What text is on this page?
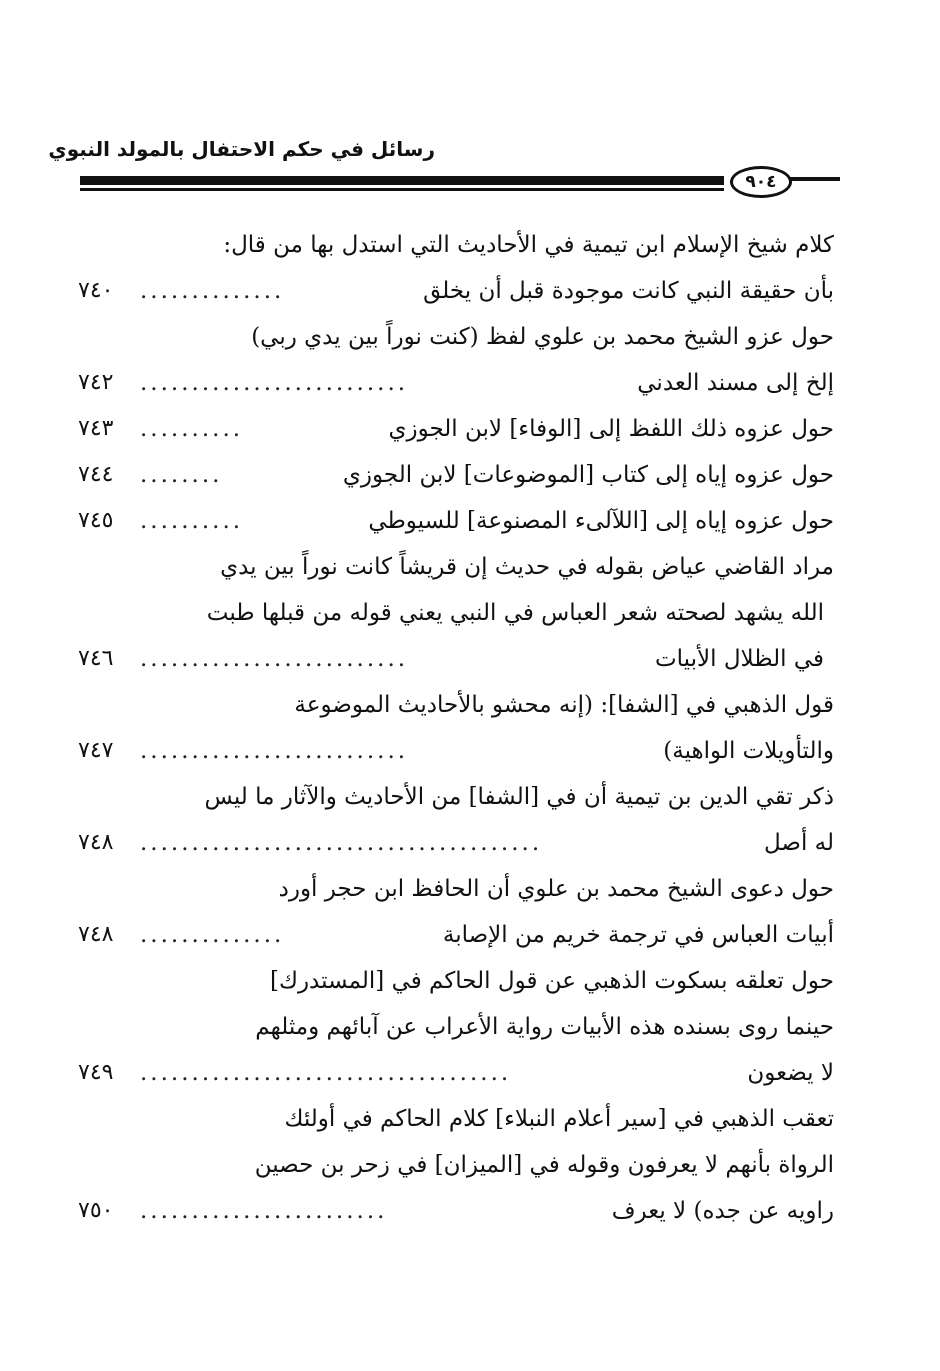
رسائل في حكم الاحتفال بالمولد النبوي
٩٠٤
كلام شيخ الإسلام ابن تيمية في الأحاديث التي استدل بها من قال:
بأن حقيقة النبي كانت موجودة قبل أن يخلق
..............
٧٤٠
حول عزو الشيخ محمد بن علوي لفظ (كنت نوراً بين يدي ربي)
إلخ إلى مسند العدني
..........................
٧٤٢
حول عزوه ذلك اللفظ إلى [الوفاء] لابن الجوزي
..........
٧٤٣
حول عزوه إياه إلى كتاب [الموضوعات] لابن الجوزي
........
٧٤٤
حول عزوه إياه إلى [اللآلىء المصنوعة] للسيوطي
..........
٧٤٥
مراد القاضي عياض بقوله في حديث إن قريشاً كانت نوراً بين يدي
الله يشهد لصحته شعر العباس في النبي يعني قوله من قبلها طبت
في الظلال الأبيات
..........................
٧٤٦
قول الذهبي في [الشفا]: (إنه محشو بالأحاديث الموضوعة
والتأويلات الواهية)
..........................
٧٤٧
ذكر تقي الدين بن تيمية أن في [الشفا] من الأحاديث والآثار ما ليس
له أصل
.......................................
٧٤٨
حول دعوى الشيخ محمد بن علوي أن الحافظ ابن حجر أورد
أبيات العباس في ترجمة خريم من الإصابة
..............
٧٤٨
حول تعلقه بسكوت الذهبي عن قول الحاكم في [المستدرك]
حينما روى بسنده هذه الأبيات رواية الأعراب عن آبائهم ومثلهم
لا يضعون
....................................
٧٤٩
تعقب الذهبي في [سير أعلام النبلاء] كلام الحاكم في أولئك
الرواة بأنهم لا يعرفون وقوله في [الميزان] في زحر بن حصين
راويه عن جده) لا يعرف
........................
٧٥٠
